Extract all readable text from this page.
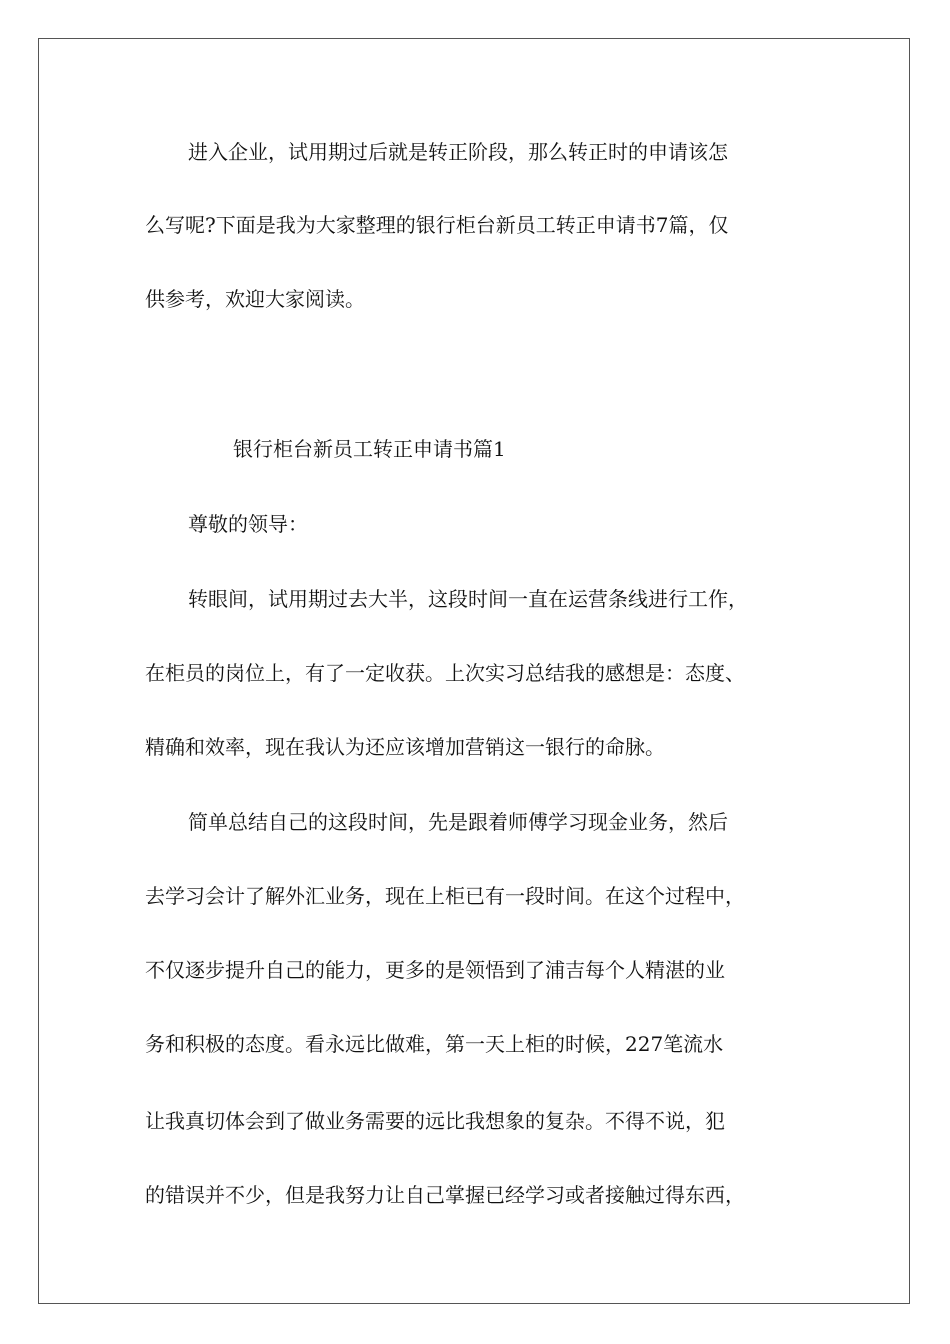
进入企业，试用期过后就是转正阶段，那么转正时的申请该怎
么写呢?下面是我为大家整理的银行柜台新员工转正申请书7篇，仅
供参考，欢迎大家阅读。
银行柜台新员工转正申请书篇1
尊敬的领导：
转眼间，试用期过去大半，这段时间一直在运营条线进行工作，
在柜员的岗位上，有了一定收获。上次实习总结我的感想是：态度、
精确和效率，现在我认为还应该增加营销这一银行的命脉。
简单总结自己的这段时间，先是跟着师傅学习现金业务，然后
去学习会计了解外汇业务，现在上柜已有一段时间。在这个过程中，
不仅逐步提升自己的能力，更多的是领悟到了浦吉每个人精湛的业
务和积极的态度。看永远比做难，第一天上柜的时候，227笔流水
让我真切体会到了做业务需要的远比我想象的复杂。不得不说，犯
的错误并不少，但是我努力让自己掌握已经学习或者接触过得东西，
